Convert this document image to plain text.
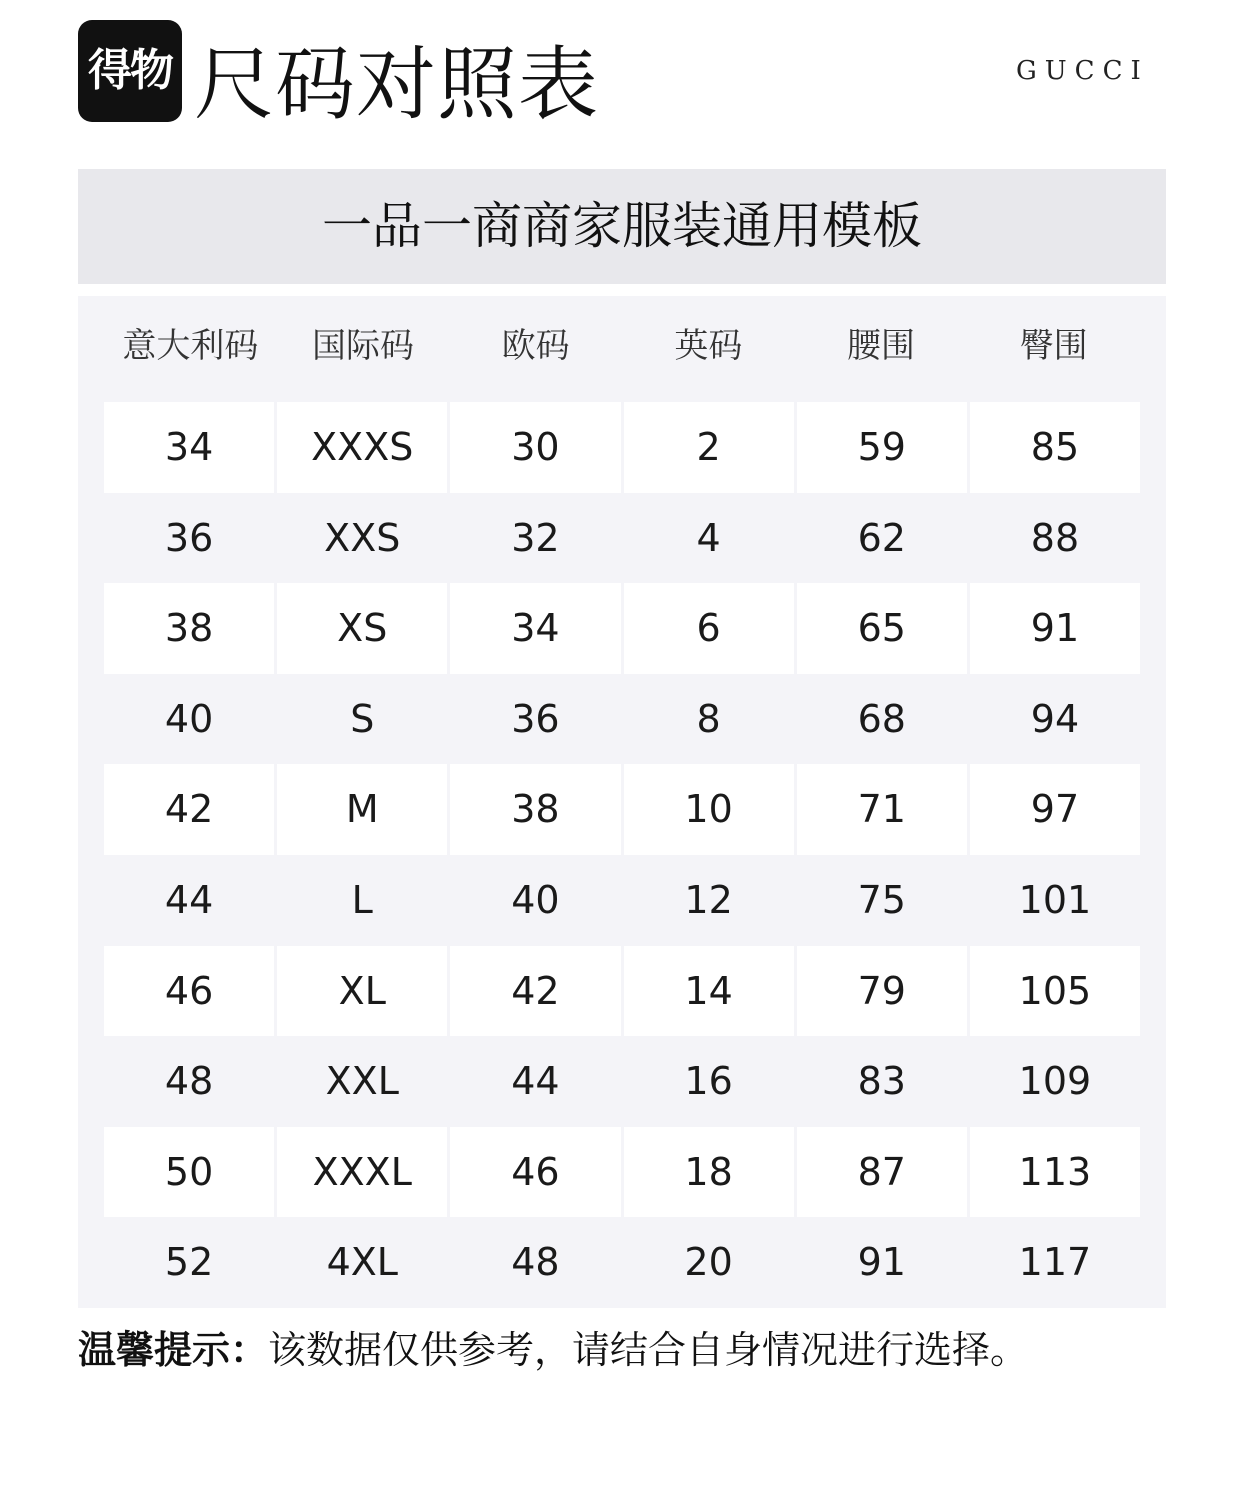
得物 尺码对照表	GUCCI
一品一商商家服装通用模板
意大利码	国际码	欧码	英码	腰围	臀围
34	XXXS	30	2	59	85
36	XXS	32	4	62	88
38	XS	34	6	65	91
40	S	36	8	68	94
42	M	38	10	71	97
44	L	40	12	75	101
46	XL	42	14	79	105
48	XXL	44	16	83	109
50	XXXL	46	18	87	113
52	4XL	48	20	91	117
温馨提示：该数据仅供参考，请结合自身情况进行选择。
